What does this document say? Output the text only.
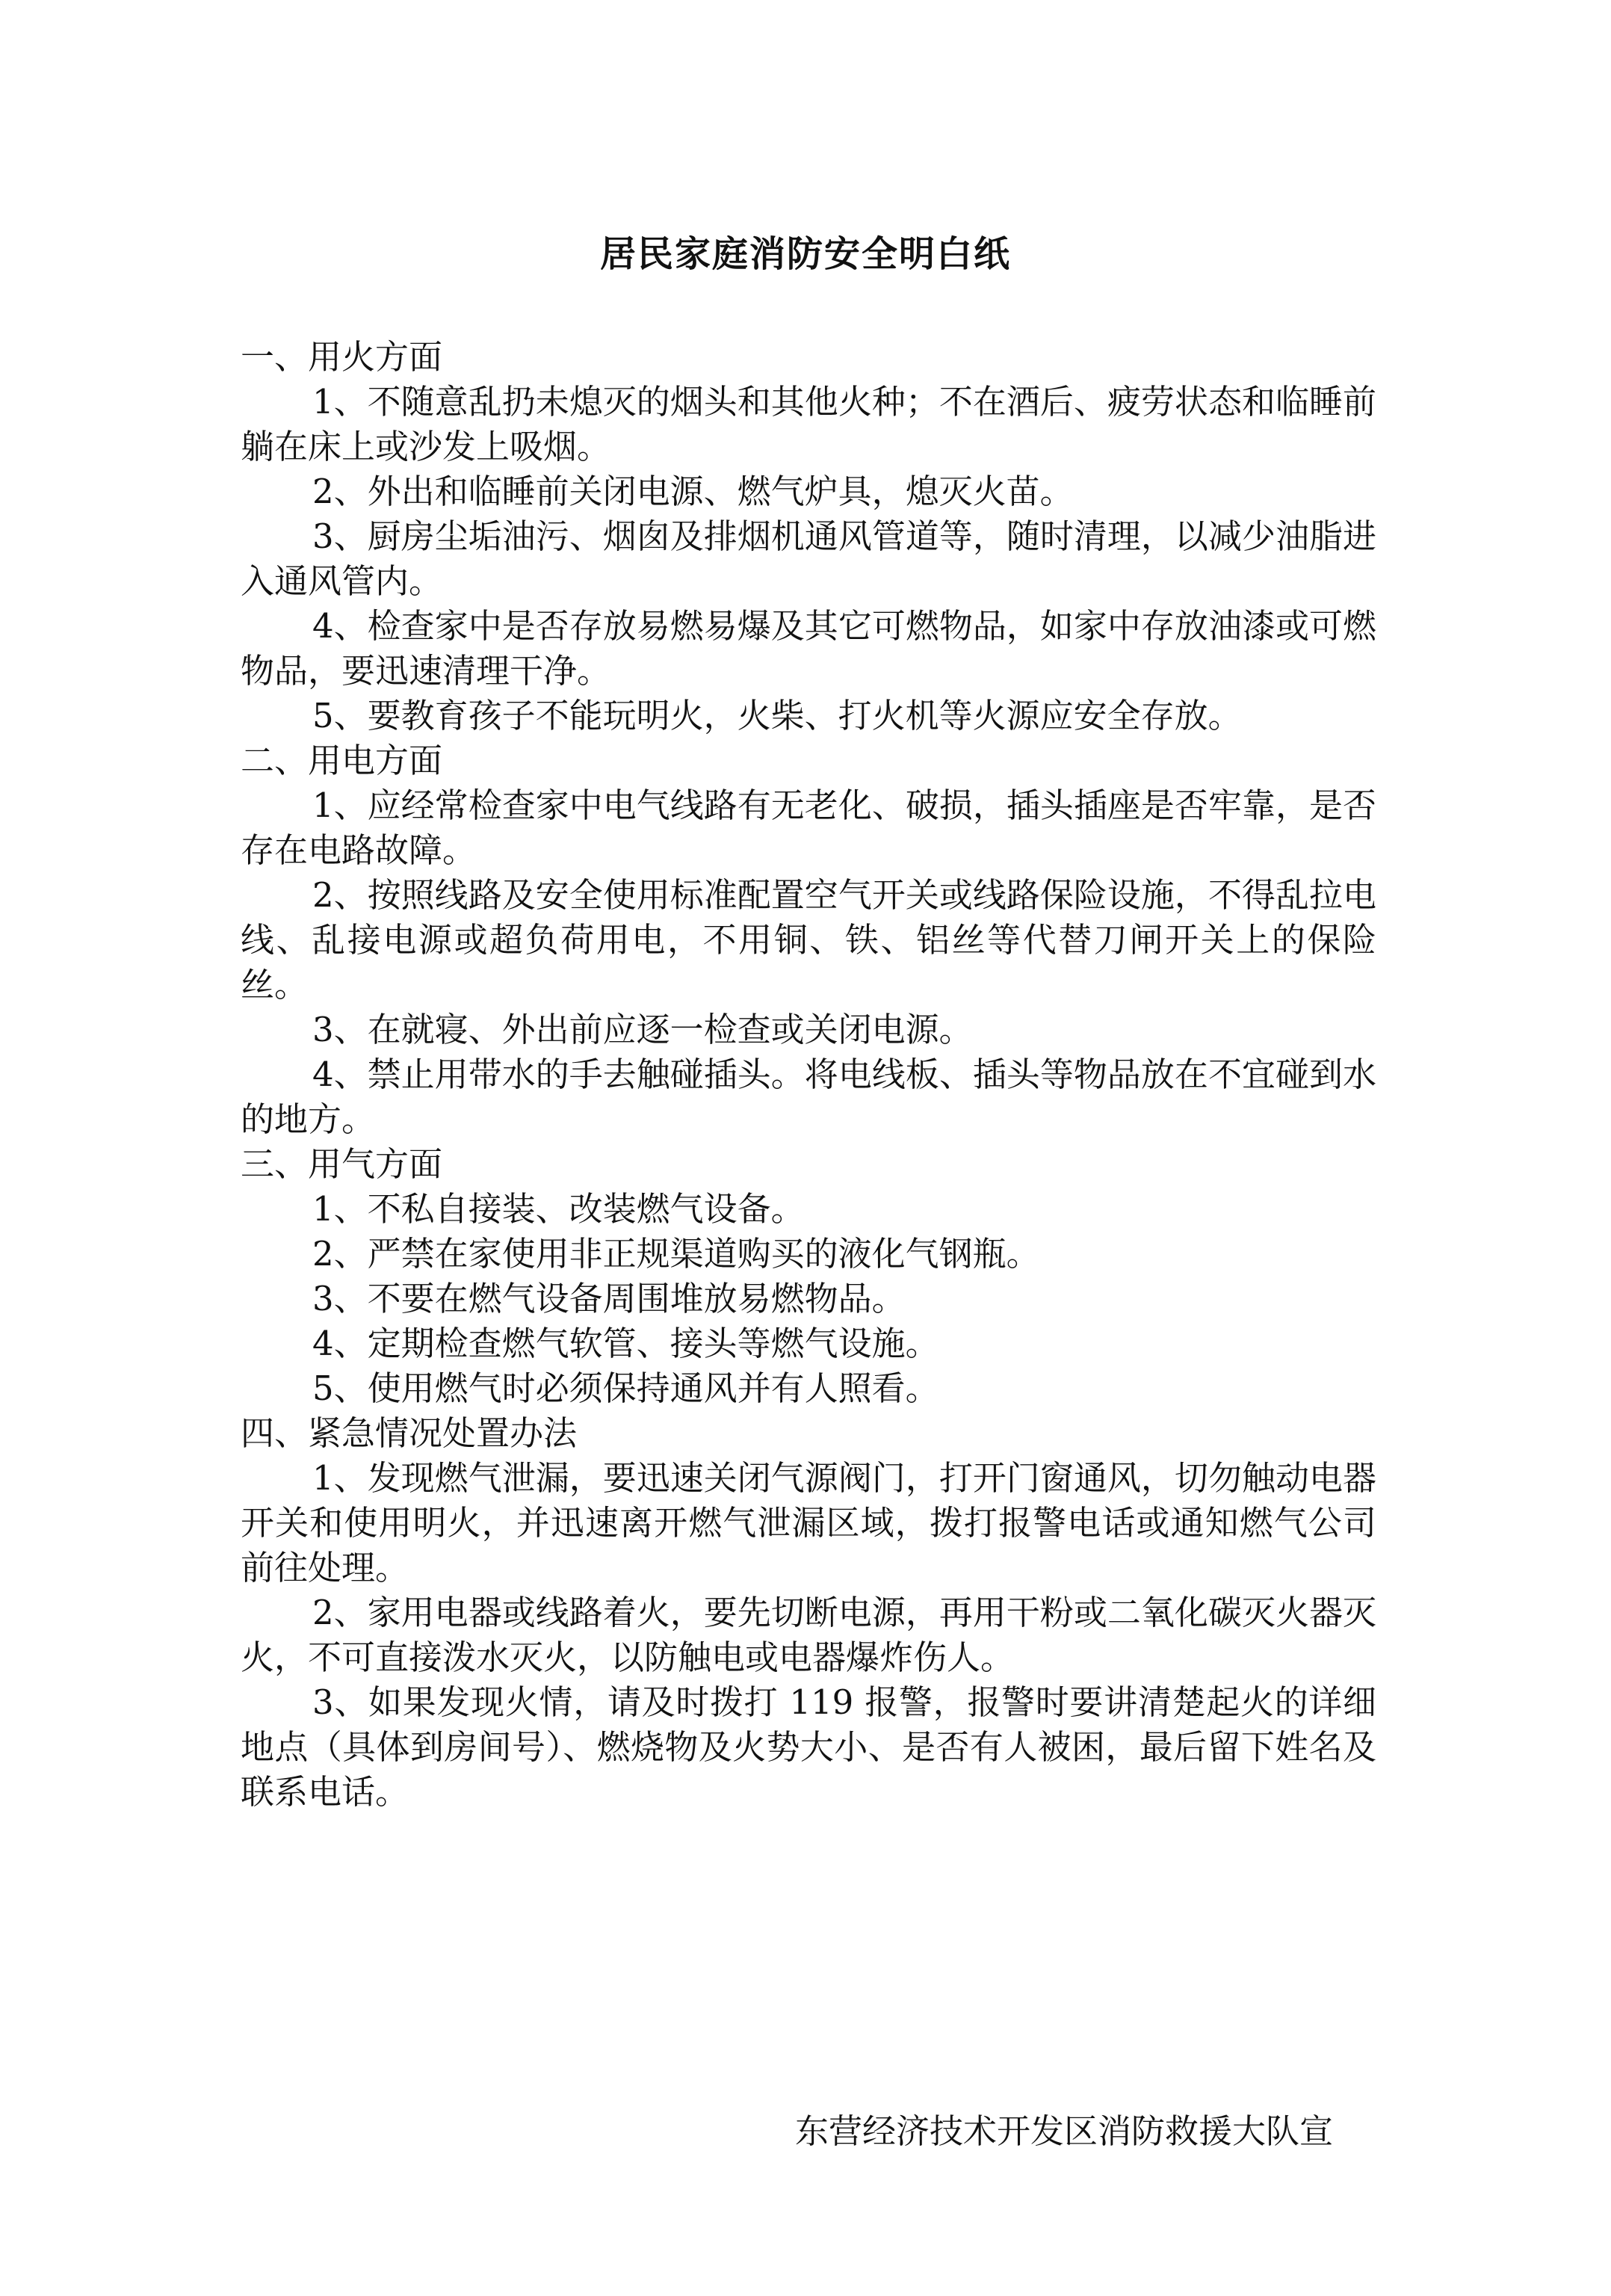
居民家庭消防安全明白纸
一、用火方面
1、不随意乱扔未熄灭的烟头和其他火种；不在酒后、疲劳状态和临睡前躺在床上或沙发上吸烟。
2、外出和临睡前关闭电源、燃气炉具，熄灭火苗。
3、厨房尘垢油污、烟囱及排烟机通风管道等，随时清理，以减少油脂进入通风管内。
4、检查家中是否存放易燃易爆及其它可燃物品，如家中存放油漆或可燃物品，要迅速清理干净。
5、要教育孩子不能玩明火，火柴、打火机等火源应安全存放。
二、用电方面
1、应经常检查家中电气线路有无老化、破损，插头插座是否牢靠，是否存在电路故障。
2、按照线路及安全使用标准配置空气开关或线路保险设施，不得乱拉电线、乱接电源或超负荷用电，不用铜、铁、铝丝等代替刀闸开关上的保险丝。
3、在就寝、外出前应逐一检查或关闭电源。
4、禁止用带水的手去触碰插头。将电线板、插头等物品放在不宜碰到水的地方。
三、用气方面
1、不私自接装、改装燃气设备。
2、严禁在家使用非正规渠道购买的液化气钢瓶。
3、不要在燃气设备周围堆放易燃物品。
4、定期检查燃气软管、接头等燃气设施。
5、使用燃气时必须保持通风并有人照看。
四、紧急情况处置办法
1、发现燃气泄漏，要迅速关闭气源阀门，打开门窗通风，切勿触动电器开关和使用明火，并迅速离开燃气泄漏区域，拨打报警电话或通知燃气公司前往处理。
2、家用电器或线路着火，要先切断电源，再用干粉或二氧化碳灭火器灭火，不可直接泼水灭火，以防触电或电器爆炸伤人。
3、如果发现火情，请及时拨打 119 报警，报警时要讲清楚起火的详细地点（具体到房间号）、燃烧物及火势大小、是否有人被困，最后留下姓名及联系电话。
东营经济技术开发区消防救援大队宣
